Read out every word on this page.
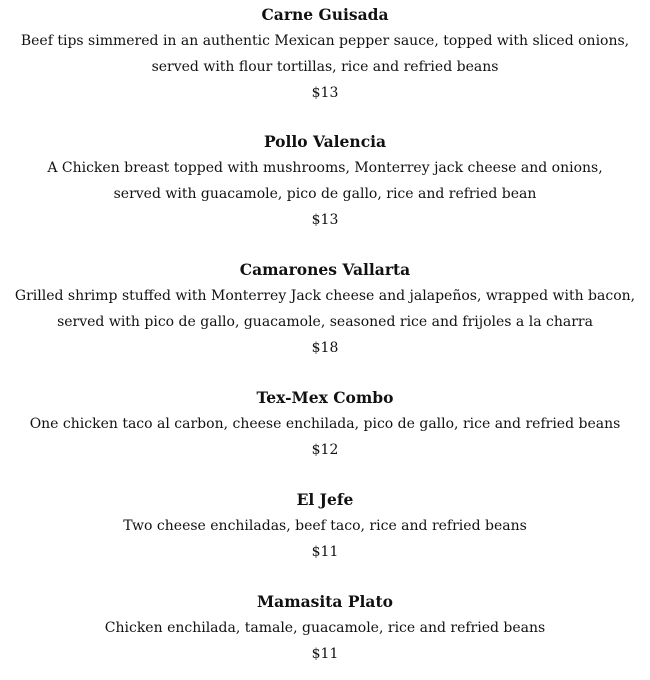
Carne Guisada
Beef tips simmered in an authentic Mexican pepper sauce, topped with sliced onions,
served with flour tortillas, rice and refried beans
$13
Pollo Valencia
A Chicken breast topped with mushrooms, Monterrey jack cheese and onions,
served with guacamole, pico de gallo, rice and refried bean
$13
Camarones Vallarta
Grilled shrimp stuffed with Monterrey Jack cheese and jalapeños, wrapped with bacon,
served with pico de gallo, guacamole, seasoned rice and frijoles a la charra
$18
Tex-Mex Combo
One chicken taco al carbon, cheese enchilada, pico de gallo, rice and refried beans
$12
El Jefe
Two cheese enchiladas, beef taco, rice and refried beans
$11
Mamasita Plato
Chicken enchilada, tamale, guacamole, rice and refried beans
$11
